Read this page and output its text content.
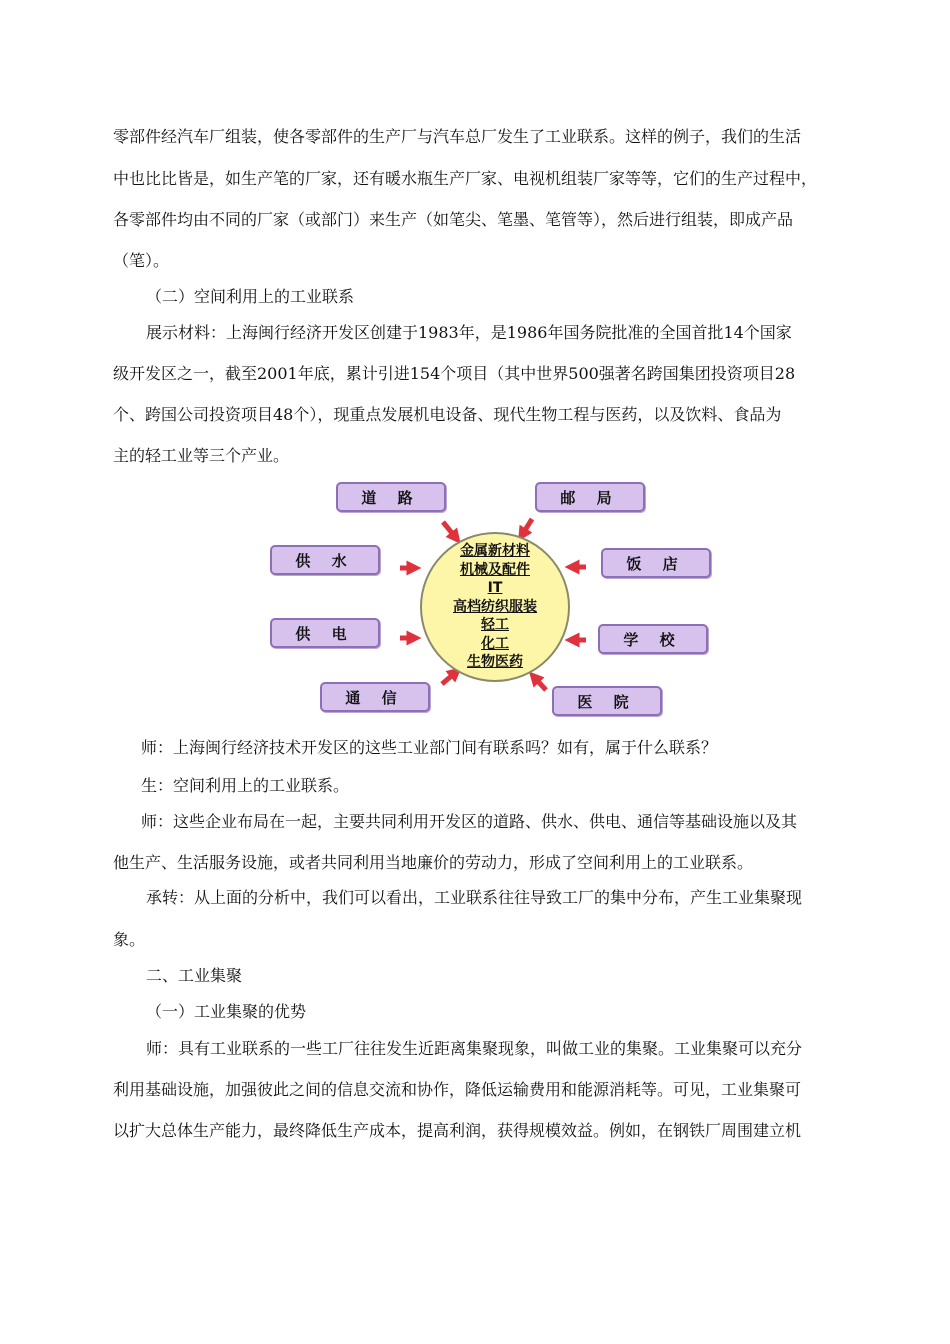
零部件经汽车厂组装，使各零部件的生产厂与汽车总厂发生了工业联系。这样的例子，我们的生活
中也比比皆是，如生产笔的厂家，还有暖水瓶生产厂家、电视机组装厂家等等，它们的生产过程中，
各零部件均由不同的厂家（或部门）来生产（如笔尖、笔墨、笔管等），然后进行组装，即成产品
（笔）。
（二）空间利用上的工业联系
展示材料：上海闽行经济开发区创建于1983年，是1986年国务院批准的全国首批14个国家
级开发区之一，截至2001年底，累计引进154个项目（其中世界500强著名跨国集团投资项目28
个、跨国公司投资项目48个），现重点发展机电设备、现代生物工程与医药，以及饮料、食品为
主的轻工业等三个产业。
道 路	邮 局
供 水	饭 店
供 电	学 校
通 信	医 院
金属新材料
机械及配件
IT
高档纺织服装
轻工
化工
生物医药
师：上海闽行经济技术开发区的这些工业部门间有联系吗？如有，属于什么联系？
生：空间利用上的工业联系。
师：这些企业布局在一起，主要共同利用开发区的道路、供水、供电、通信等基础设施以及其
他生产、生活服务设施，或者共同利用当地廉价的劳动力，形成了空间利用上的工业联系。
承转：从上面的分析中，我们可以看出，工业联系往往导致工厂的集中分布，产生工业集聚现
象。
二、工业集聚
（一）工业集聚的优势
师：具有工业联系的一些工厂往往发生近距离集聚现象，叫做工业的集聚。工业集聚可以充分
利用基础设施，加强彼此之间的信息交流和协作，降低运输费用和能源消耗等。可见，工业集聚可
以扩大总体生产能力，最终降低生产成本，提高利润，获得规模效益。例如，在钢铁厂周围建立机
